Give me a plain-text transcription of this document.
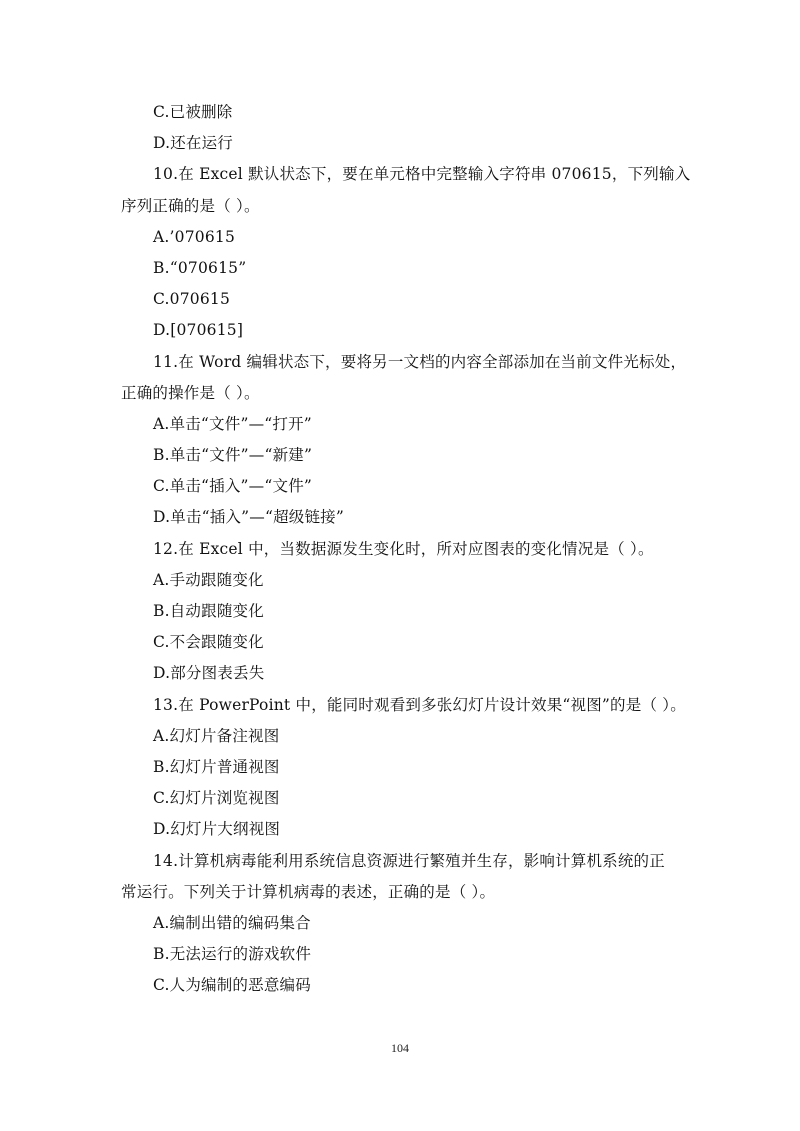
C.已被删除
D.还在运行
10.在 Excel 默认状态下，要在单元格中完整输入字符串 070615，下列输入
序列正确的是（ ）。
A.’070615
B.“070615”
C.070615
D.[070615]
11.在 Word 编辑状态下，要将另一文档的内容全部添加在当前文件光标处，
正确的操作是（ ）。
A.单击“文件”—“打开”
B.单击“文件”—“新建”
C.单击“插入”—“文件”
D.单击“插入”—“超级链接”
12.在 Excel 中，当数据源发生变化时，所对应图表的变化情况是（ ）。
A.手动跟随变化
B.自动跟随变化
C.不会跟随变化
D.部分图表丢失
13.在 PowerPoint 中，能同时观看到多张幻灯片设计效果“视图”的是（ ）。
A.幻灯片备注视图
B.幻灯片普通视图
C.幻灯片浏览视图
D.幻灯片大纲视图
14.计算机病毒能利用系统信息资源进行繁殖并生存，影响计算机系统的正
常运行。下列关于计算机病毒的表述，正确的是（ ）。
A.编制出错的编码集合
B.无法运行的游戏软件
C.人为编制的恶意编码
104
